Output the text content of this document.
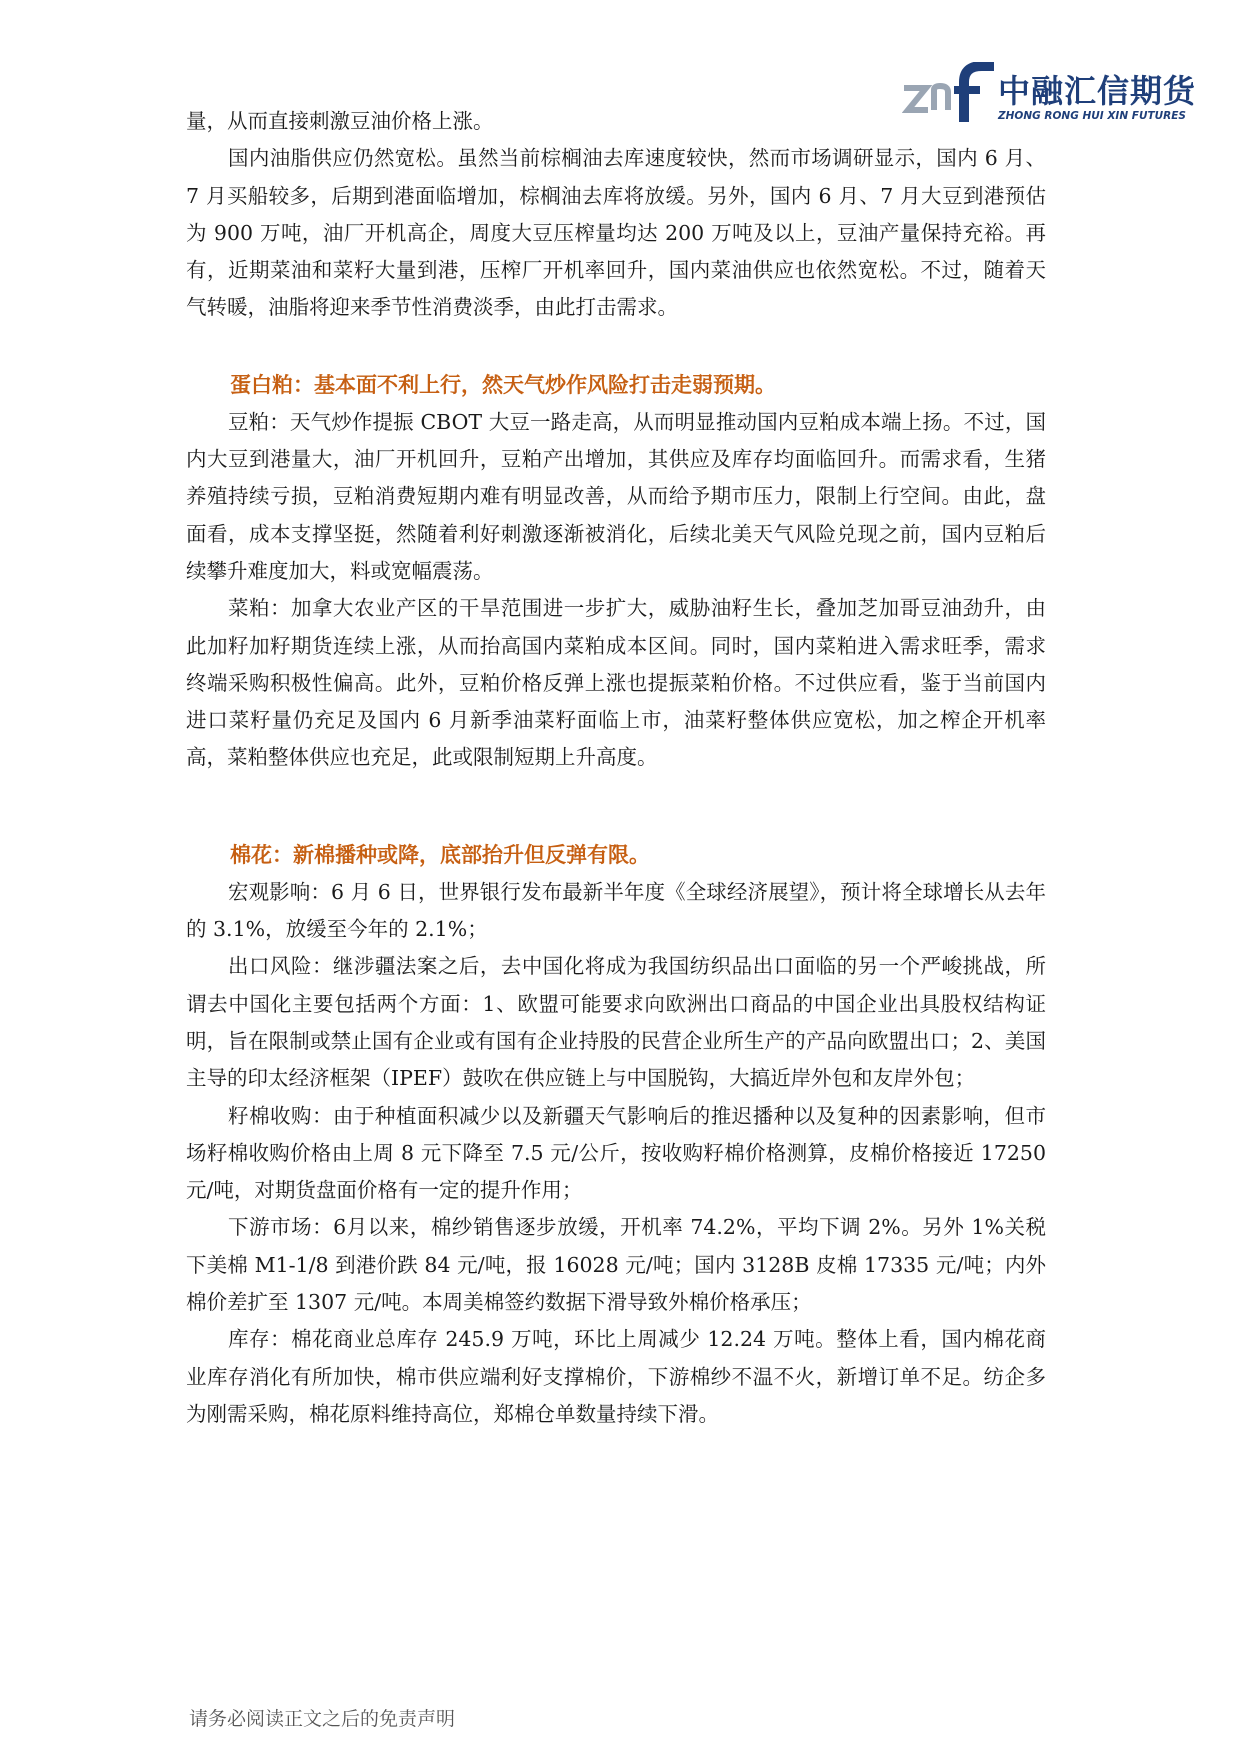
中融汇信期货
ZHONG RONG HUI XIN FUTURES

量，从而直接刺激豆油价格上涨。

国内油脂供应仍然宽松。虽然当前棕榈油去库速度较快，然而市场调研显示，国内 6 月、7 月买船较多，后期到港面临增加，棕榈油去库将放缓。另外，国内 6 月、7 月大豆到港预估为 900 万吨，油厂开机高企，周度大豆压榨量均达 200 万吨及以上，豆油产量保持充裕。再有，近期菜油和菜籽大量到港，压榨厂开机率回升，国内菜油供应也依然宽松。不过，随着天气转暖，油脂将迎来季节性消费淡季，由此打击需求。

蛋白粕：基本面不利上行，然天气炒作风险打击走弱预期。

豆粕：天气炒作提振 CBOT 大豆一路走高，从而明显推动国内豆粕成本端上扬。不过，国内大豆到港量大，油厂开机回升，豆粕产出增加，其供应及库存均面临回升。而需求看，生猪养殖持续亏损，豆粕消费短期内难有明显改善，从而给予期市压力，限制上行空间。由此，盘面看，成本支撑坚挺，然随着利好刺激逐渐被消化，后续北美天气风险兑现之前，国内豆粕后续攀升难度加大，料或宽幅震荡。

菜粕：加拿大农业产区的干旱范围进一步扩大，威胁油籽生长，叠加芝加哥豆油劲升，由此加籽加籽期货连续上涨，从而抬高国内菜粕成本区间。同时，国内菜粕进入需求旺季，需求终端采购积极性偏高。此外，豆粕价格反弹上涨也提振菜粕价格。不过供应看，鉴于当前国内进口菜籽量仍充足及国内 6 月新季油菜籽面临上市，油菜籽整体供应宽松，加之榨企开机率高，菜粕整体供应也充足，此或限制短期上升高度。

棉花：新棉播种或降，底部抬升但反弹有限。

宏观影响：6 月 6 日，世界银行发布最新半年度《全球经济展望》，预计将全球增长从去年的 3.1%，放缓至今年的 2.1%；

出口风险：继涉疆法案之后，去中国化将成为我国纺织品出口面临的另一个严峻挑战，所谓去中国化主要包括两个方面：1、欧盟可能要求向欧洲出口商品的中国企业出具股权结构证明，旨在限制或禁止国有企业或有国有企业持股的民营企业所生产的产品向欧盟出口；2、美国主导的印太经济框架（IPEF）鼓吹在供应链上与中国脱钩，大搞近岸外包和友岸外包；

籽棉收购：由于种植面积减少以及新疆天气影响后的推迟播种以及复种的因素影响，但市场籽棉收购价格由上周 8 元下降至 7.5 元/公斤，按收购籽棉价格测算，皮棉价格接近 17250 元/吨，对期货盘面价格有一定的提升作用；

下游市场：6月以来，棉纱销售逐步放缓，开机率 74.2%，平均下调 2%。另外 1%关税下美棉 M1-1/8 到港价跌 84 元/吨，报 16028 元/吨；国内 3128B 皮棉 17335 元/吨；内外棉价差扩至 1307 元/吨。本周美棉签约数据下滑导致外棉价格承压；

库存：棉花商业总库存 245.9 万吨，环比上周减少 12.24 万吨。整体上看，国内棉花商业库存消化有所加快，棉市供应端利好支撑棉价，下游棉纱不温不火，新增订单不足。纺企多为刚需采购，棉花原料维持高位，郑棉仓单数量持续下滑。

请务必阅读正文之后的免责声明
